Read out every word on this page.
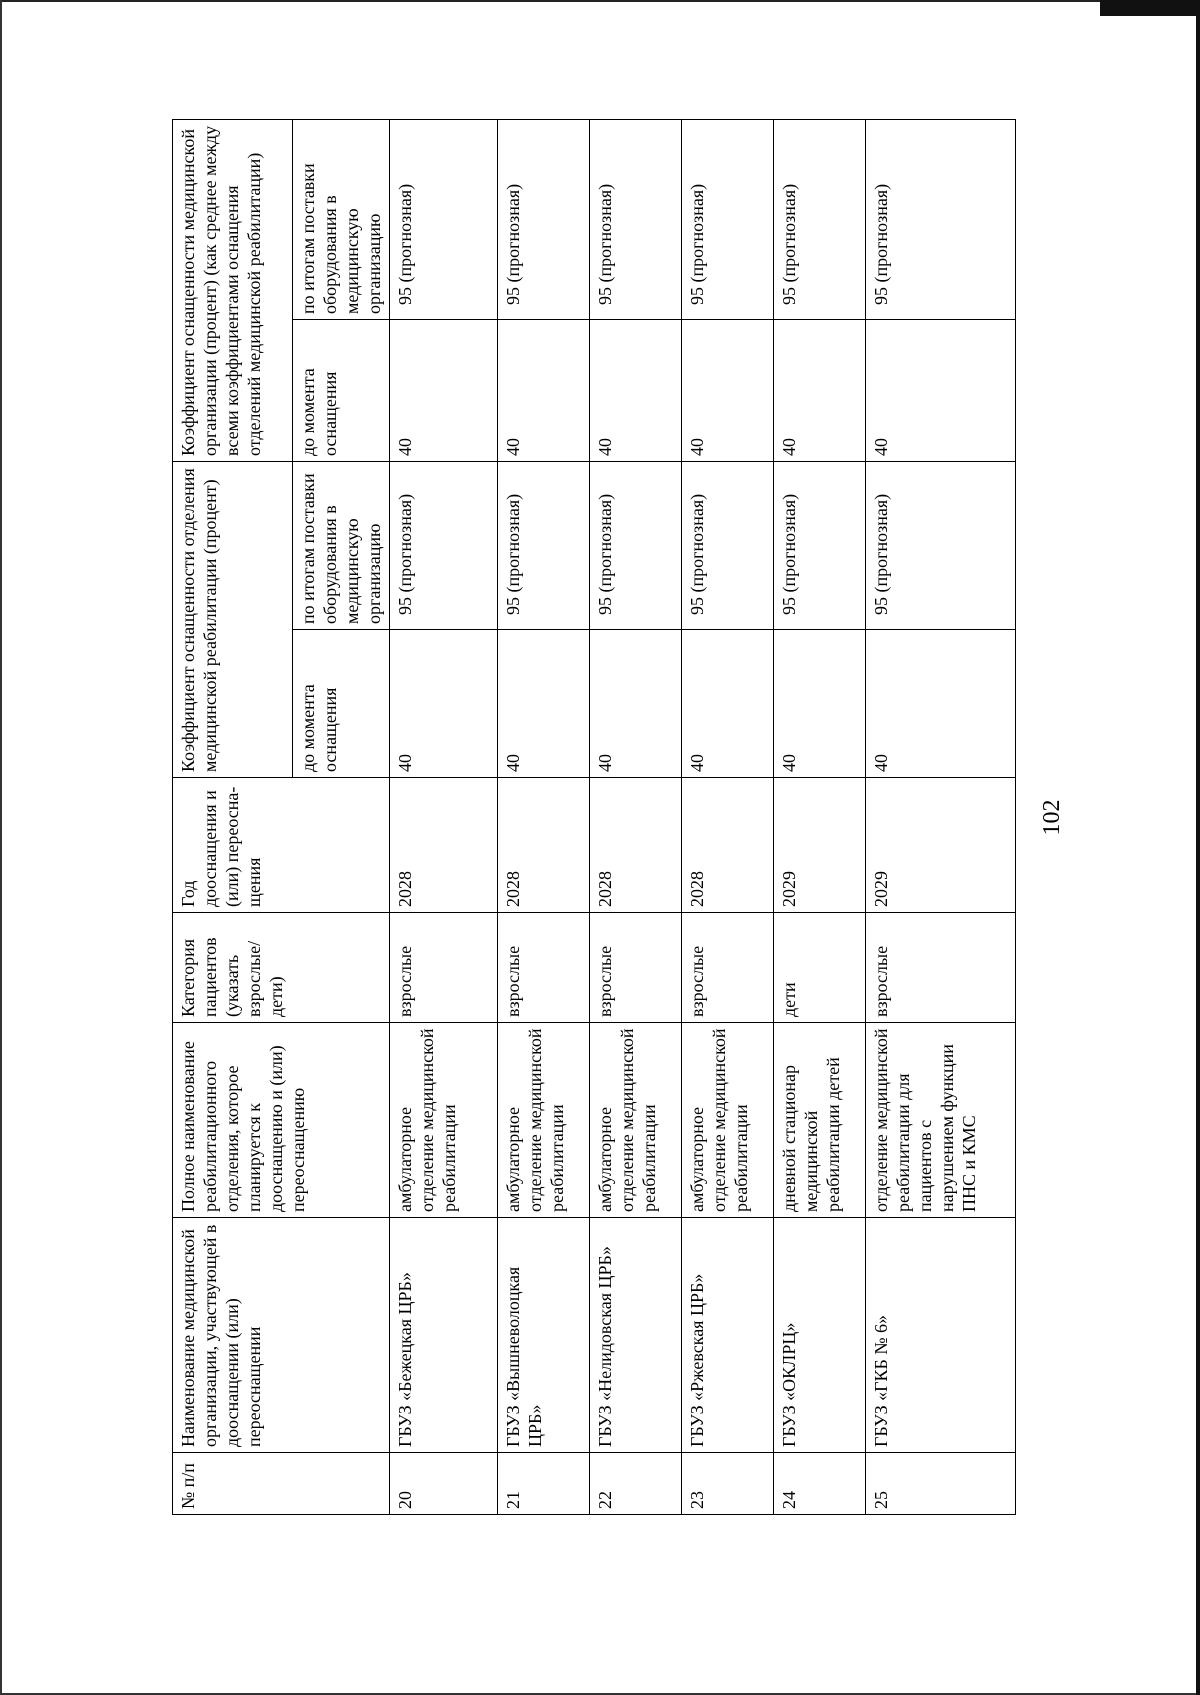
102
№ п/п	Наименование медицинской организации, участвующей в дооснащении (или) переоснащении	Полное наименование реабилитационного отделения, которое планируется к дооснащению и (или) переоснащению	Категория пациентов (указать взрослые/ дети)	Год дооснащения и (или) переосна-щения	Коэффициент оснащенности отделения медицинской реабилитации (процент)		Коэффициент оснащенности медицинской организации (процент) (как среднее между всеми коэффициентами оснащения отделений медицинской реабилитации)	
					до момента оснащения	по итогам поставки оборудования в медицинскую организацию	до момента оснащения	по итогам поставки оборудования в медицинскую организацию
20	ГБУЗ «Бежецкая ЦРБ»	амбулаторное отделение медицинской реабилитации	взрослые	2028	40	95 (прогнозная)	40	95 (прогнозная)
21	ГБУЗ «Вышневолоцкая ЦРБ»	амбулаторное отделение медицинской реабилитации	взрослые	2028	40	95 (прогнозная)	40	95 (прогнозная)
22	ГБУЗ «Нелидовская ЦРБ»	амбулаторное отделение медицинской реабилитации	взрослые	2028	40	95 (прогнозная)	40	95 (прогнозная)
23	ГБУЗ «Ржевская ЦРБ»	амбулаторное отделение медицинской реабилитации	взрослые	2028	40	95 (прогнозная)	40	95 (прогнозная)
24	ГБУЗ «ОКЛРЦ»	дневной стационар медицинской реабилитации детей	дети	2029	40	95 (прогнозная)	40	95 (прогнозная)
25	ГБУЗ «ГКБ № 6»	отделение медицинской реабилитации для пациентов с нарушением функции ПНС и КМС	взрослые	2029	40	95 (прогнозная)	40	95 (прогнозная)
